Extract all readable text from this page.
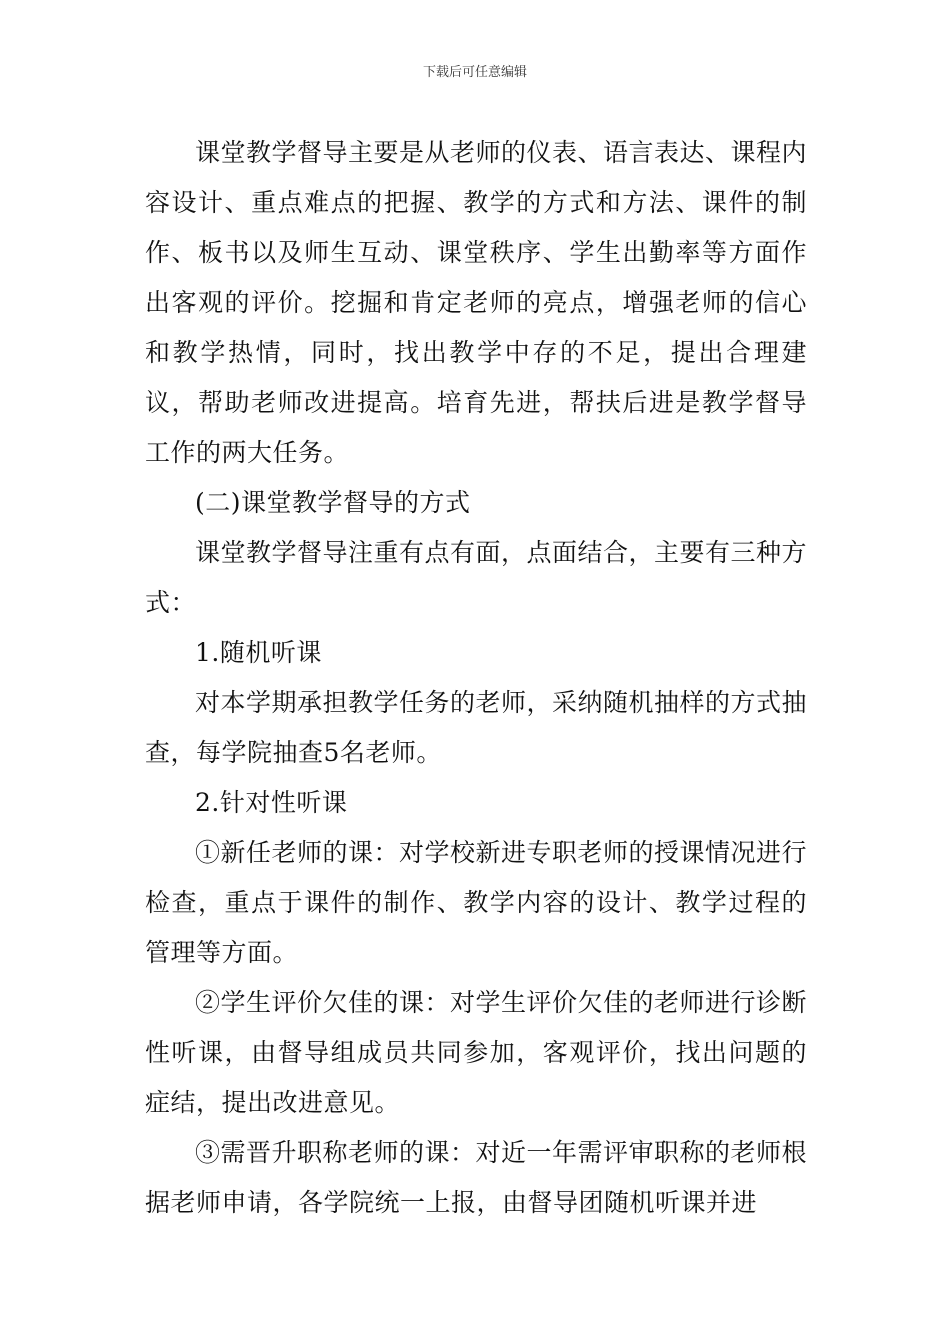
下载后可任意编辑

课堂教学督导主要是从老师的仪表、语言表达、课程内容设计、重点难点的把握、教学的方式和方法、课件的制作、板书以及师生互动、课堂秩序、学生出勤率等方面作出客观的评价。挖掘和肯定老师的亮点，增强老师的信心和教学热情，同时，找出教学中存的不足，提出合理建议，帮助老师改进提高。培育先进，帮扶后进是教学督导工作的两大任务。

(二)课堂教学督导的方式

课堂教学督导注重有点有面，点面结合，主要有三种方式：

1.随机听课

对本学期承担教学任务的老师，采纳随机抽样的方式抽查，每学院抽查5名老师。

2.针对性听课

①新任老师的课：对学校新进专职老师的授课情况进行检查，重点于课件的制作、教学内容的设计、教学过程的管理等方面。

②学生评价欠佳的课：对学生评价欠佳的老师进行诊断性听课，由督导组成员共同参加，客观评价，找出问题的症结，提出改进意见。

③需晋升职称老师的课：对近一年需评审职称的老师根据老师申请，各学院统一上报，由督导团随机听课并进
